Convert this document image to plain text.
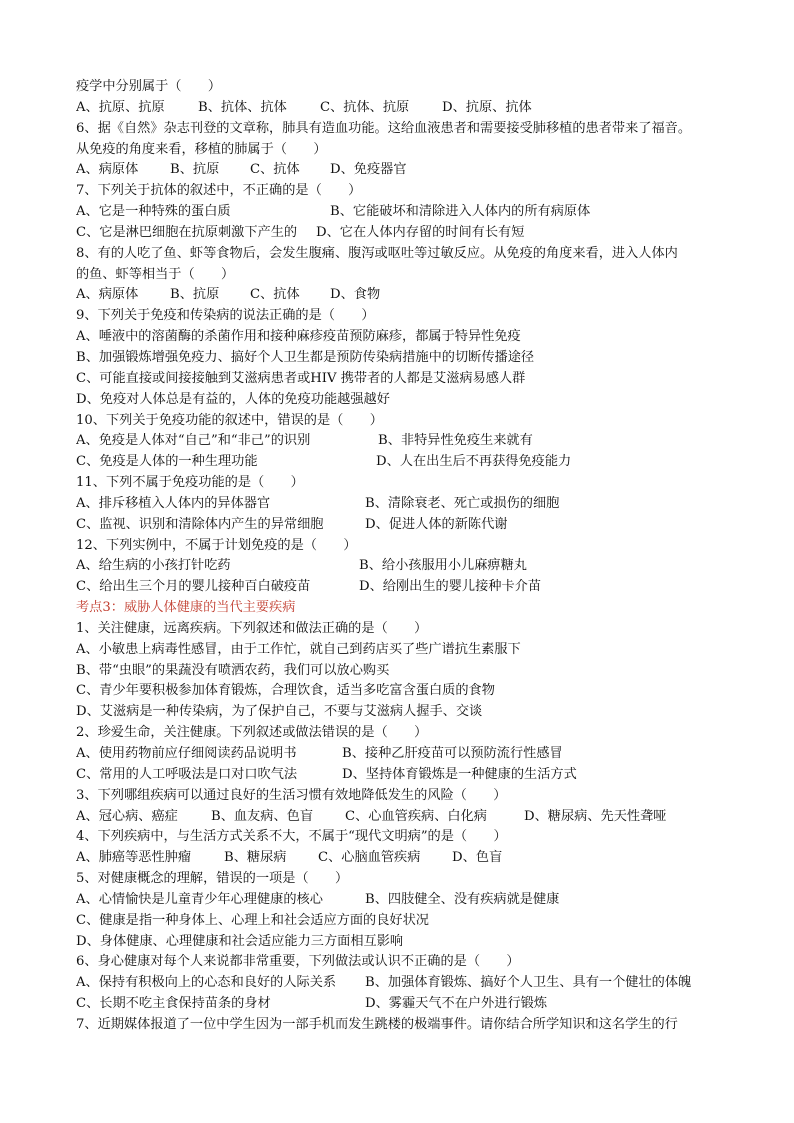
疫学中分别属于（　　）
A、抗原、抗原	B、抗体、抗体	C、抗体、抗原 D、抗原、抗体
6、据《自然》杂志刊登的文章称，肺具有造血功能。这给血液患者和需要接受肺移植的患者带来了福音。
从免疫的角度来看，移植的肺属于（　　）
A、病原体 B、抗原 C、抗体 D、免疫器官
7、下列关于抗体的叙述中，不正确的是（　　）
A、它是一种特殊的蛋白质	B、它能破坏和清除进入人体内的所有病原体
C、它是淋巴细胞在抗原刺激下产生的 D、它在人体内存留的时间有长有短
8、有的人吃了鱼、虾等食物后，会发生腹痛、腹泻或呕吐等过敏反应。从免疫的角度来看，进入人体内
的鱼、虾等相当于（　　）
A、病原体 B、抗原 C、抗体 D、食物
9、下列关于免疫和传染病的说法正确的是（　　）
A、唾液中的溶菌酶的杀菌作用和接种麻疹疫苗预防麻疹，都属于特异性免疫
B、加强锻炼增强免疫力、搞好个人卫生都是预防传染病措施中的切断传播途径
C、可能直接或间接接触到艾滋病患者或HIV 携带者的人都是艾滋病易感人群
D、免疫对人体总是有益的，人体的免疫功能越强越好
10、下列关于免疫功能的叙述中，错误的是（　　）
A、免疫是人体对“自己”和“非己”的识别	B、非特异性免疫生来就有
C、免疫是人体的一种生理功能	D、人在出生后不再获得免疫能力
11、下列不属于免疫功能的是（　　）
A、排斥移植入人体内的异体器官	B、清除衰老、死亡或损伤的细胞
C、监视、识别和清除体内产生的异常细胞	D、促进人体的新陈代谢
12、下列实例中，不属于计划免疫的是（　　）
A、给生病的小孩打针吃药	B、给小孩服用小儿麻痹糖丸
C、给出生三个月的婴儿接种百白破疫苗	D、给刚出生的婴儿接种卡介苗
考点3：威胁人体健康的当代主要疾病
1、关注健康，远离疾病。下列叙述和做法正确的是（　　）
A、小敏患上病毒性感冒，由于工作忙，就自己到药店买了些广谱抗生素服下
B、带“虫眼”的果蔬没有喷洒农药，我们可以放心购买
C、青少年要积极参加体育锻炼，合理饮食，适当多吃富含蛋白质的食物
D、艾滋病是一种传染病，为了保护自己，不要与艾滋病人握手、交谈
2、珍爱生命，关注健康。下列叙述或做法错误的是（　　）
A、使用药物前应仔细阅读药品说明书	B、接种乙肝疫苗可以预防流行性感冒
C、常用的人工呼吸法是口对口吹气法	D、坚持体育锻炼是一种健康的生活方式
3、下列哪组疾病可以通过良好的生活习惯有效地降低发生的风险（　　）
A、冠心病、癌症	B、血友病、色盲 C、心血管疾病、白化病	D、糖尿病、先天性聋哑
4、下列疾病中，与生活方式关系不大，不属于“现代文明病”的是（　　）
A、肺癌等恶性肿瘤 B、糖尿病 C、心脑血管疾病 D、色盲
5、对健康概念的理解，错误的一项是（　　）
A、心情愉快是儿童青少年心理健康的核心	B、四肢健全、没有疾病就是健康
C、健康是指一种身体上、心理上和社会适应方面的良好状况
D、身体健康、心理健康和社会适应能力三方面相互影响
6、身心健康对每个人来说都非常重要，下列做法或认识不正确的是（　　）
A、保持有积极向上的心态和良好的人际关系 B、加强体育锻炼、搞好个人卫生、具有一个健壮的体魄
C、长期不吃主食保持苗条的身材	D、雾霾天气不在户外进行锻炼
7、近期媒体报道了一位中学生因为一部手机而发生跳楼的极端事件。请你结合所学知识和这名学生的行
